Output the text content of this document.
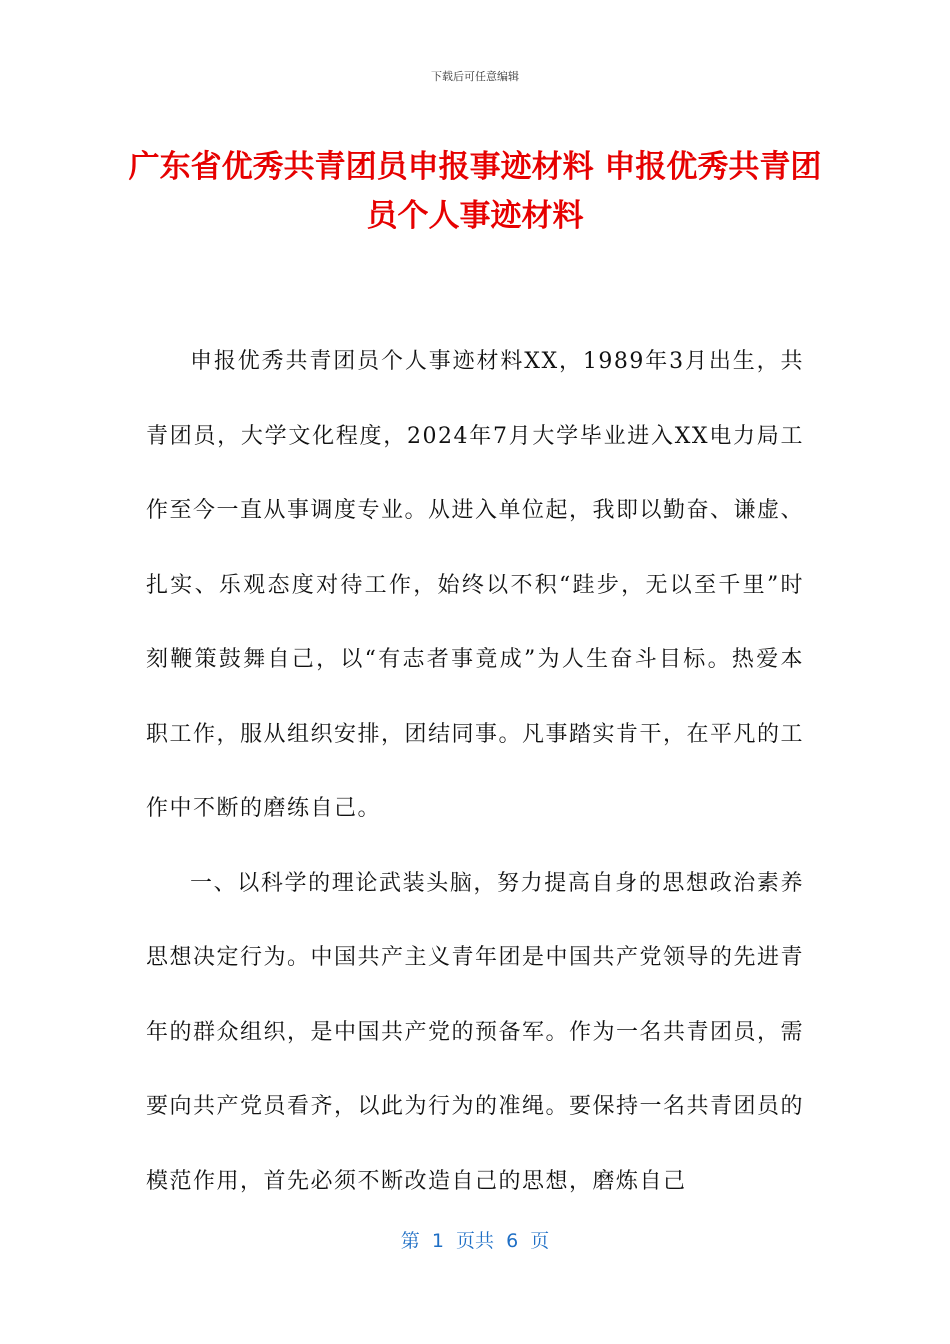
下载后可任意编辑
广东省优秀共青团员申报事迹材料 申报优秀共青团员个人事迹材料

申报优秀共青团员个人事迹材料XX，1989年3月出生，共青团员，大学文化程度，2024年7月大学毕业进入XX电力局工作至今一直从事调度专业。从进入单位起，我即以勤奋、谦虚、扎实、乐观态度对待工作，始终以不积“跬步，无以至千里”时刻鞭策鼓舞自己，以“有志者事竟成”为人生奋斗目标。热爱本职工作，服从组织安排，团结同事。凡事踏实肯干，在平凡的工作中不断的磨练自己。

一、以科学的理论武装头脑，努力提高自身的思想政治素养思想决定行为。中国共产主义青年团是中国共产党领导的先进青年的群众组织，是中国共产党的预备军。作为一名共青团员，需要向共产党员看齐，以此为行为的准绳。要保持一名共青团员的模范作用，首先必须不断改造自己的思想，磨炼自己

第  1  页共  6  页
